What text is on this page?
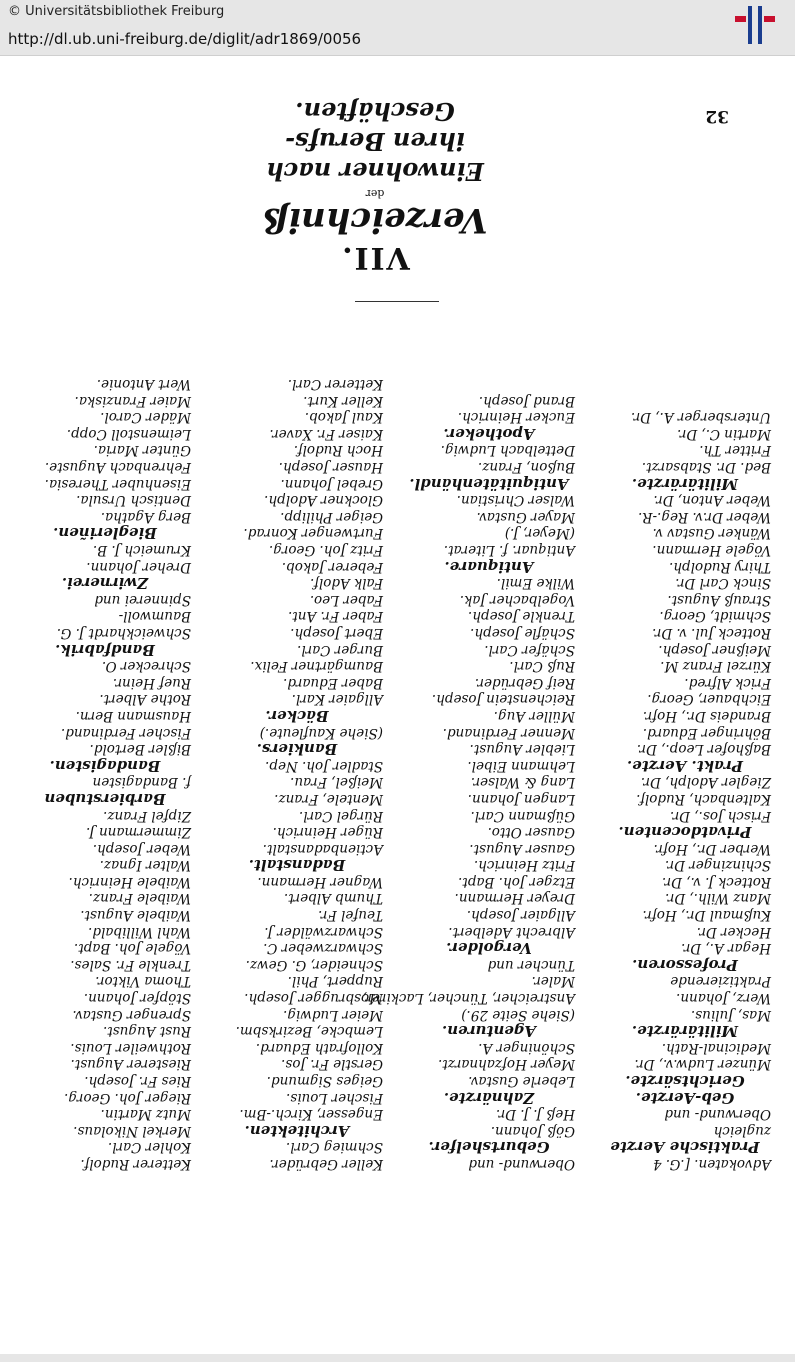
© Universitätsbibliothek Freiburg
http://dl.ub.uni-freiburg.de/diglit/adr1869/0056
32
VII.
Verzeichniß
der
Einwohner nach ihren Berufs-Geschäften.
Advokaten. [.G. 4
Praktische Aerzte
zugleich
Oberwund- und
Geb-Aerzte.
Gerichtsärzte.
Münzer Ludw.v., Dr.
Medicinal-Rath.
Militärärzte.
Mas, Julius.
Werz, Johann.
Praktizierende
Professoren.
Hegar A., Dr.
Hecker Dr.
Kußmaul Dr., Hofr.
Manz Wilh., Dr.
Rotteck J. v., Dr.
Schinzinger Dr.
Werber Dr., Hofr.
Privatdocenten.
Frisch Jos., Dr.
Kaltenbach, Rudolf.
Ziegler Adolph, Dr.
Prakt. Aerzte.
Baßhofer Leop., Dr.
Böhringer Eduard.
Brandeis Dr., Hofr.
Eichbauer, Georg.
Frick Alfred.
Kürzel Franz M.
Meißner Joseph.
Rotteck Jul. v. Dr.
Schmidt, Georg.
Strauß August.
Sinck Carl Dr.
Thiry Rudolph.
Vögele Hermann.
Wänker Gustav v.
Weber Dr.v. Reg.-R.
Weber Anton, Dr.
Militärärzte.
Bed. Dr. Stabsarzt.
Fritter Th.
Martin C., Dr.
Untersberger A., Dr.
Oberwund- und
Geburtshelfer.
Göß Johann.
Heß J. J. Dr.
Zahnärzte.
Leberle Gustav.
Meyer Hofzahnarzt.
Schöninger A.
Agenturen.
(Siehe Seite 29.)
Anstreicher, Tüncher, Lackirer,
Maler.
Tüncher und
Vergolder.
Albrecht Adelbert.
Allgaier Joseph.
Dreyer Hermann.
Etzger Joh. Bapt.
Fritz Heinrich.
Gauser August.
Gauser Otto.
Güßmann Carl.
Langen Johann.
Lang & Walser.
Lehmann Eibel.
Liebler August.
Menner Ferdinand.
Müller Aug.
Reichenstein Joseph.
Reif Gebrüder.
Ruß Carl.
Schäfer Carl.
Schäfle Joseph.
Trenkle Joseph.
Vogelbacher Jak.
Wilke Emil.
Antiquare.
Antiquar. f. Literat.
(Meyer, J.)
Mayer Gustav.
Walser Christian.
Antiquitätenhändl.
Bußon, Franz.
Dettelbach Ludwig.
Apotheker.
Eucker Heinrich.
Brand Joseph.
Keller Gebrüder.
Schmieg Carl.
Architekten.
Engesser, Kirch.-Bm.
Fischer Louis.
Geiges Sigmund.
Gerstle Fr. Jos.
Kollofrath Eduard.
Lembcke, Bezirksbm.
Meier Ludwig.
Mosbrugger Joseph.
Ruppert, Phil.
Schneider, G. Gewz.
Schwarzweber C.
Schwarzwälder J.
Teufel Fr.
Thumb Albert.
Wagner Hermann.
Badanstalt.
Actienbadanstalt.
Rüger Heinrich.
Rürgel Carl.
Mentele, Franz.
Meißel, Frau.
Stadler Joh. Nep.
Bankiers.
(Siehe Kaufleute.)
Bäcker.
Allgaier Karl.
Baber Eduard.
Baumgärtner Felix.
Burger Carl.
Ebert Joseph.
Faber Fr. Ant.
Faber Leo.
Falk Adolf.
Feberer Jakob.
Fritz Joh. Georg.
Furtwenger Konrad.
Geiger Philipp.
Glockner Adolph.
Grebel Johann.
Hauser Joseph.
Hoch Rudolf.
Kaiser Fr. Xaver.
Kaul Jakob.
Keller Kurt.
Ketterer Carl.
Ketterer Rudolf.
Kohler Carl.
Merkel Nikolaus.
Mutz Martin.
Rieger Joh. Georg.
Ries Fr. Joseph.
Riesterer August.
Rothweiler Louis.
Rust August.
Sprenger Gustav.
Stöpfer Johann.
Thoma Viktor.
Trenkle Fr. Sales.
Vögele Joh. Bapt.
Wahl Willibald.
Waibele August.
Waibele Franz.
Waibele Heinrich.
Walter Ignaz.
Weber Joseph.
Zimmermann J.
Zipfel Franz.
Barbierstuben
f. Bandagisten
Bandagisten.
Bißler Bertold.
Fischer Ferdinand.
Hausmann Bern.
Rothe Albert.
Ruef Heinr.
Schrecker O.
Bandfabrik.
Schweickhardt J. G.
Baumwoll-
Spinnerei und
Zwirnerei.
Dreher Johann.
Krumeich J. B.
Biegleriñen.
Berg Agatha.
Dentisch Ursula.
Eisenhuber Theresia.
Fehrenbach Auguste.
Günter Maria.
Leimenstoll Copp.
Mäder Carol.
Maier Franziska.
Wert Antonie.
